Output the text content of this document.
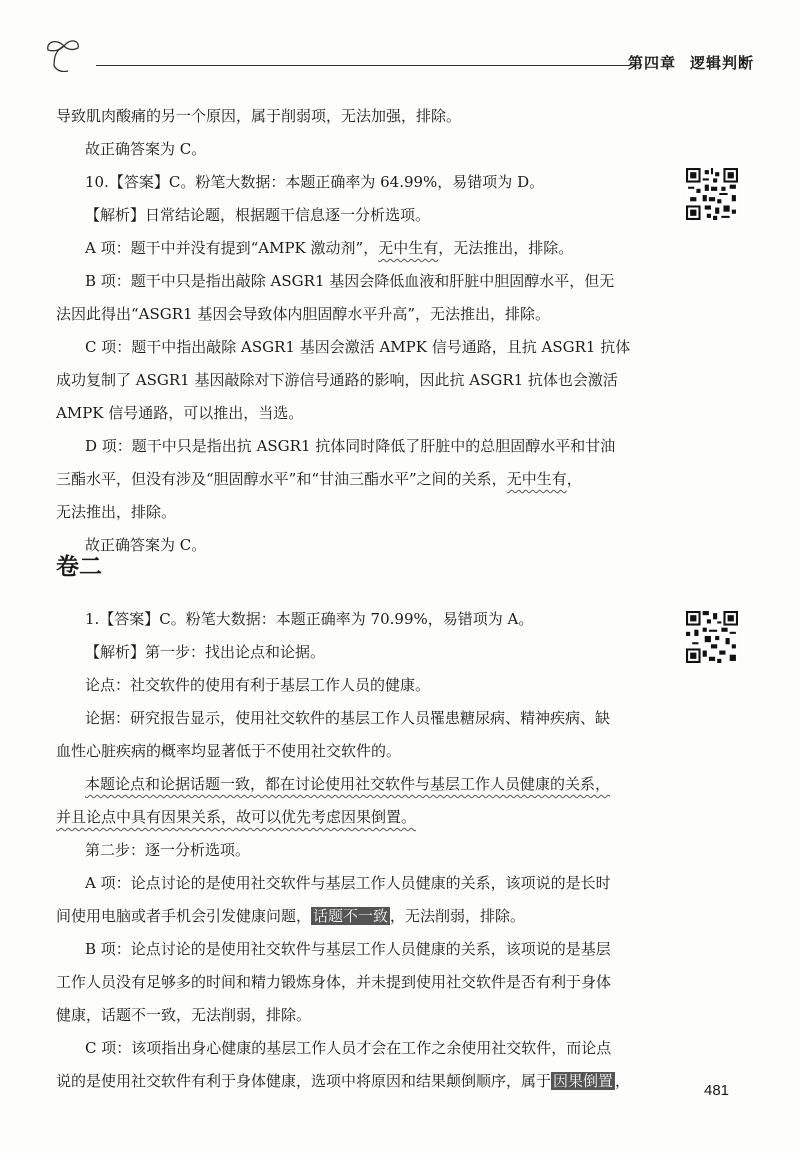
第四章 逻辑判断

导致肌肉酸痛的另一个原因，属于削弱项，无法加强，排除。

故正确答案为 C。

10.【答案】C。粉笔大数据：本题正确率为 64.99%，易错项为 D。

【解析】日常结论题，根据题干信息逐一分析选项。

A 项：题干中并没有提到“AMPK 激动剂”，无中生有，无法推出，排除。

B 项：题干中只是指出敲除 ASGR1 基因会降低血液和肝脏中胆固醇水平，但无

法因此得出“ASGR1 基因会导致体内胆固醇水平升高”，无法推出，排除。

C 项：题干中指出敲除 ASGR1 基因会激活 AMPK 信号通路，且抗 ASGR1 抗体

成功复制了 ASGR1 基因敲除对下游信号通路的影响，因此抗 ASGR1 抗体也会激活

AMPK 信号通路，可以推出，当选。

D 项：题干中只是指出抗 ASGR1 抗体同时降低了肝脏中的总胆固醇水平和甘油

三酯水平，但没有涉及“胆固醇水平”和“甘油三酯水平”之间的关系，无中生有，

无法推出，排除。

故正确答案为 C。

卷二

1.【答案】C。粉笔大数据：本题正确率为 70.99%，易错项为 A。

【解析】第一步：找出论点和论据。

论点：社交软件的使用有利于基层工作人员的健康。

论据：研究报告显示，使用社交软件的基层工作人员罹患糖尿病、精神疾病、缺

血性心脏疾病的概率均显著低于不使用社交软件的。

本题论点和论据话题一致，都在讨论使用社交软件与基层工作人员健康的关系，

并且论点中具有因果关系，故可以优先考虑因果倒置。

第二步：逐一分析选项。

A 项：论点讨论的是使用社交软件与基层工作人员健康的关系，该项说的是长时

间使用电脑或者手机会引发健康问题， 话题不一致 ，无法削弱，排除。

B 项：论点讨论的是使用社交软件与基层工作人员健康的关系，该项说的是基层

工作人员没有足够多的时间和精力锻炼身体，并未提到使用社交软件是否有利于身体

健康，话题不一致，无法削弱，排除。

C 项：该项指出身心健康的基层工作人员才会在工作之余使用社交软件，而论点

说的是使用社交软件有利于身体健康，选项中将原因和结果颠倒顺序，属于 因果倒置 ，

481
